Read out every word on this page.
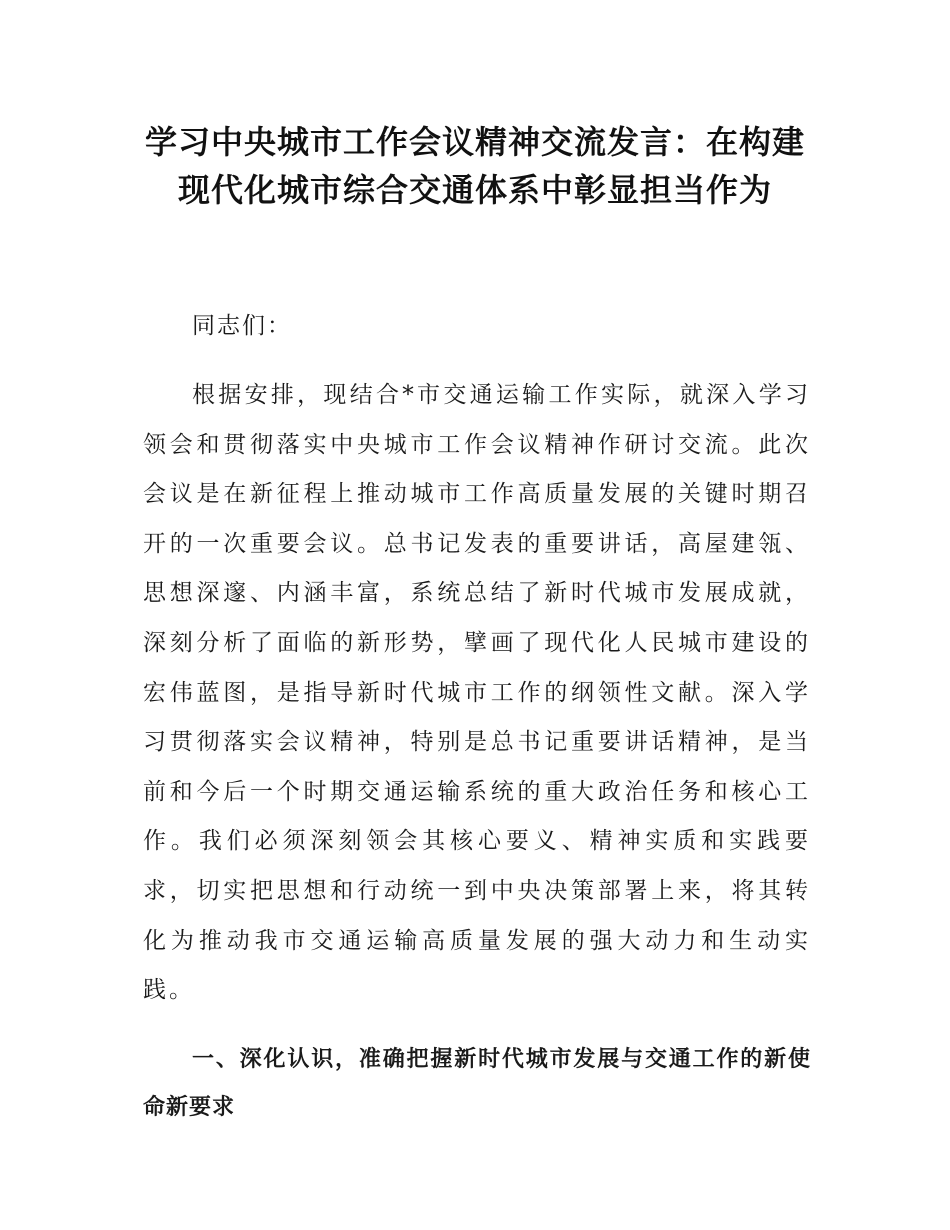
学习中央城市工作会议精神交流发言：在构建现代化城市综合交通体系中彰显担当作为

同志们：

根据安排，现结合*市交通运输工作实际，就深入学习领会和贯彻落实中央城市工作会议精神作研讨交流。此次会议是在新征程上推动城市工作高质量发展的关键时期召开的一次重要会议。总书记发表的重要讲话，高屋建瓴、思想深邃、内涵丰富，系统总结了新时代城市发展成就，深刻分析了面临的新形势，擘画了现代化人民城市建设的宏伟蓝图，是指导新时代城市工作的纲领性文献。深入学习贯彻落实会议精神，特别是总书记重要讲话精神，是当前和今后一个时期交通运输系统的重大政治任务和核心工作。我们必须深刻领会其核心要义、精神实质和实践要求，切实把思想和行动统一到中央决策部署上来，将其转化为推动我市交通运输高质量发展的强大动力和生动实践。

一、深化认识，准确把握新时代城市发展与交通工作的新使命新要求
